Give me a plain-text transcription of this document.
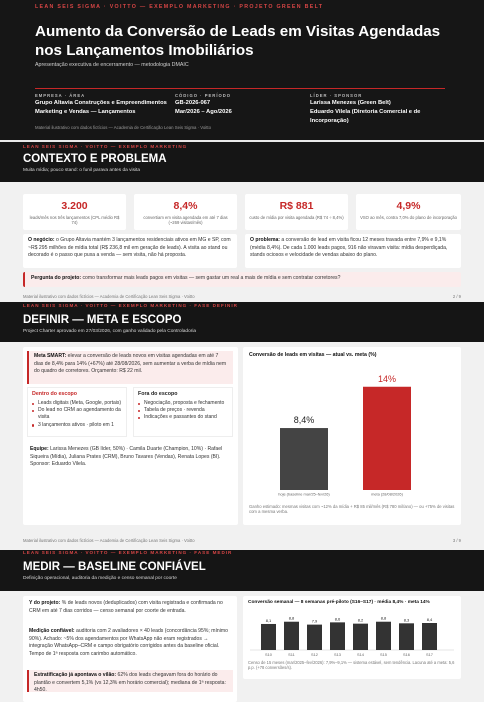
LEAN SEIS SIGMA · VOITTO — EXEMPLO MARKETING · PROJETO GREEN BELT
Aumento da Conversão de Leads em Visitas Agendadas nos Lançamentos Imobiliários
Apresentação executiva de encerramento — metodologia DMAIC
EMPRESA · ÁREA
Grupo Altavia Construções e Empreendimentos
Marketing e Vendas — Lançamentos
CÓDIGO · PERÍODO
GB-2026-067
Mar/2026 – Ago/2026
LÍDER · SPONSOR
Larissa Menezes (Green Belt)
Eduardo Vilela (Diretoria Comercial e de Incorporação)
Material ilustrativo com dados fictícios — Academia de Certificação Lean Seis Sigma · Voitto
LEAN SEIS SIGMA · VOITTO — EXEMPLO MARKETING
CONTEXTO E PROBLEMA
Muita mídia; pouco stand: o funil parava antes da visita
3.200
leads/mês nos três lançamentos (CPL médio R$ 74)
8,4%
convertiam em visita agendada em até 7 dias (~269 visitas/mês)
R$ 881
custo de mídia por visita agendada (R$ 74 ÷ 8,4%)
4,9%
VSO ao mês, contra 7,0% do plano de incorporação
O negócio: o Grupo Altavia mantém 3 lançamentos residenciais ativos em MG e SP, com ~R$ 295 milhões de mídia total (R$ 236,8 mil em geração de leads). A visita ao stand ou decorado é o passo que puxa a venda — sem visita, não há proposta.
O problema: a conversão de lead em visita ficou 12 meses travada entre 7,9% e 9,1% (média 8,4%). De cada 1.000 leads pagos, 916 não viravam visita: mídia desperdiçada, stands ociosos e velocidade de vendas abaixo do plano.
Pergunta do projeto: como transformar mais leads pagos em visitas — sem gastar um real a mais de mídia e sem contratar corretores?
Material ilustrativo com dados fictícios — Academia de Certificação Lean Seis Sigma · Voitto	2 / 9
LEAN SEIS SIGMA · VOITTO — EXEMPLO MARKETING · FASE DEFINIR
DEFINIR — META E ESCOPO
Project Charter aprovado em 27/03/2026, com ganho validado pela Controladoria
Meta SMART: elevar a conversão de leads novos em visitas agendadas em até 7 dias de 8,4% para 14% (+67%) até 28/08/2026, sem aumentar a verba de mídia nem do quadro de corretores. Orçamento: R$ 22 mil.
Dentro do escopo
Leads digitais (Meta, Google, portais)
Do lead no CRM ao agendamento da visita
3 lançamentos ativos · piloto em 1
Fora do escopo
Negociação, proposta e fechamento
Tabela de preços · revenda
Indicações e passantes do stand
Equipe: Larissa Menezes (GB líder, 50%) · Camila Duarte (Champion, 10%) · Rafael Siqueira (Mídia), Juliana Prates (CRM), Bruno Tavares (Vendas), Renata Lopes (BI). Sponsor: Eduardo Vilela.
Conversão de leads em visitas — atual vs. meta (%)
8,4%
hoje (baseline mar/25–fev/26)
14%
meta (28/08/2026)
Ganho estimado: mesmas visitas com ~12% da mídia + R$ 85 mil/mês (R$ 780 mil/ano) — ou +75% de visitas com a mesma verba.
Material ilustrativo com dados fictícios — Academia de Certificação Lean Seis Sigma · Voitto	3 / 9
LEAN SEIS SIGMA · VOITTO — EXEMPLO MARKETING · FASE MEDIR
MEDIR — BASELINE CONFIÁVEL
Definição operacional, auditoria da medição e censo semanal por coorte
Y do projeto: % de leads novos (deduplicados) com visita registrada e confirmada no CRM em até 7 dias corridos — censo semanal por coorte de entrada.
Medição confiável: auditoria com 2 avaliadores × 40 leads (concordância 95%; mínimo 90%). Achado: ~5% dos agendamentos por WhatsApp não eram registrados → integração WhatsApp–CRM e campo obrigatório corrigidos antes da baseline oficial. Tempo de 1ª resposta com carimbo automático.
Estratificação já apontava o vilão: 62% dos leads chegavam fora do horário do plantão e convertem 5,1% (vs 12,3% em horário comercial); mediana de 1ª resposta: 4h50.
Conversão semanal — 8 semanas pré-piloto (S16–S17) · média 8,4% · meta 14%
8,1
S10
8,8
S11
7,9
S12
8,6
S13
8,2
S14
8,8
S15
8,3
S16
8,4
S17
Censo de 15 meses (mar/2025–fev/2026): 7,9%–9,1% — sistema estável, sem tendência. Lacuna até a meta: 5,6 p.p. (+78 conversões/s).
